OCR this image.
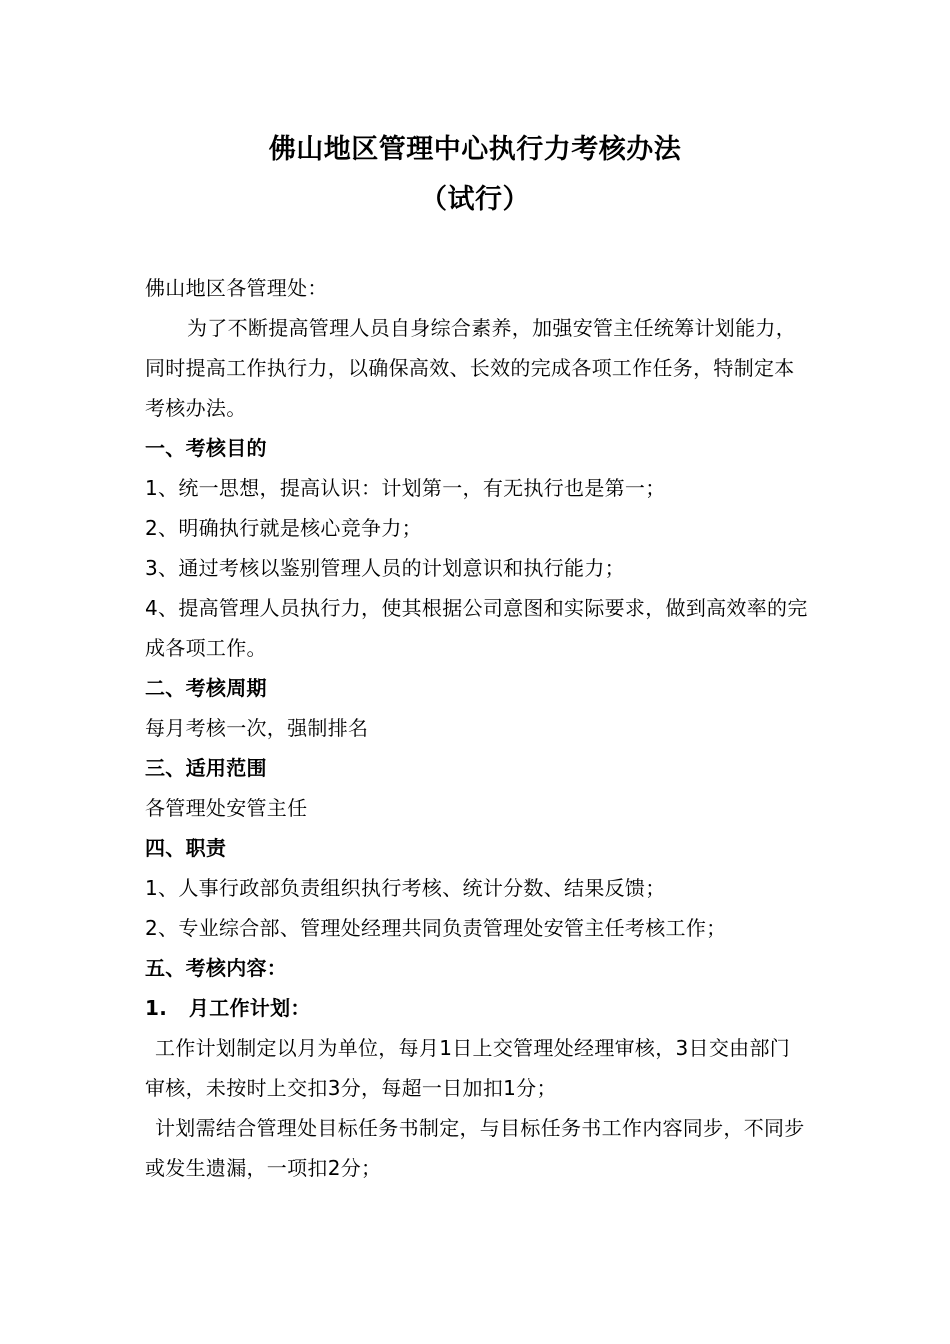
佛山地区管理中心执行力考核办法
（试行）
佛山地区各管理处：
为了不断提高管理人员自身综合素养，加强安管主任统筹计划能力，同时提高工作执行力，以确保高效、长效的完成各项工作任务，特制定本考核办法。
一、考核目的
1、统一思想，提高认识：计划第一，有无执行也是第一；
2、明确执行就是核心竞争力；
3、通过考核以鉴别管理人员的计划意识和执行能力；
4、提高管理人员执行力，使其根据公司意图和实际要求，做到高效率的完成各项工作。
二、考核周期
每月考核一次，强制排名
三、适用范围
各管理处安管主任
四、职责
1、人事行政部负责组织执行考核、统计分数、结果反馈；
2、专业综合部、管理处经理共同负责管理处安管主任考核工作；
五、考核内容：
1.   月工作计划：
工作计划制定以月为单位，每月1日上交管理处经理审核，3日交由部门审核，未按时上交扣3分，每超一日加扣1分；
计划需结合管理处目标任务书制定，与目标任务书工作内容同步，不同步或发生遗漏，一项扣2分；
